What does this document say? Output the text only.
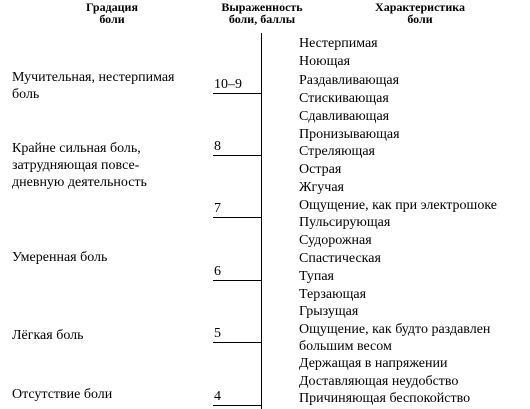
Градация
боли
Выраженность
боли, баллы
Характеристика
боли
Мучительная, нестерпимая
боль
Крайне сильная боль,
затрудняющая повсе-
дневную деятельность
Умеренная боль
Лёгкая боль
Отсутствие боли
10–9
8
7
6
5
4
Нестерпимая
Ноющая
Раздавливающая
Стискивающая
Сдавливающая
Пронизывающая
Стреляющая
Острая
Жгучая
Ощущение, как при электрошоке
Пульсирующая
Судорожная
Спастическая
Тупая
Терзающая
Грызущая
Ощущение, как будто раздавлен
большим весом
Держащая в напряжении
Доставляющая неудобство
Причиняющая беспокойство
